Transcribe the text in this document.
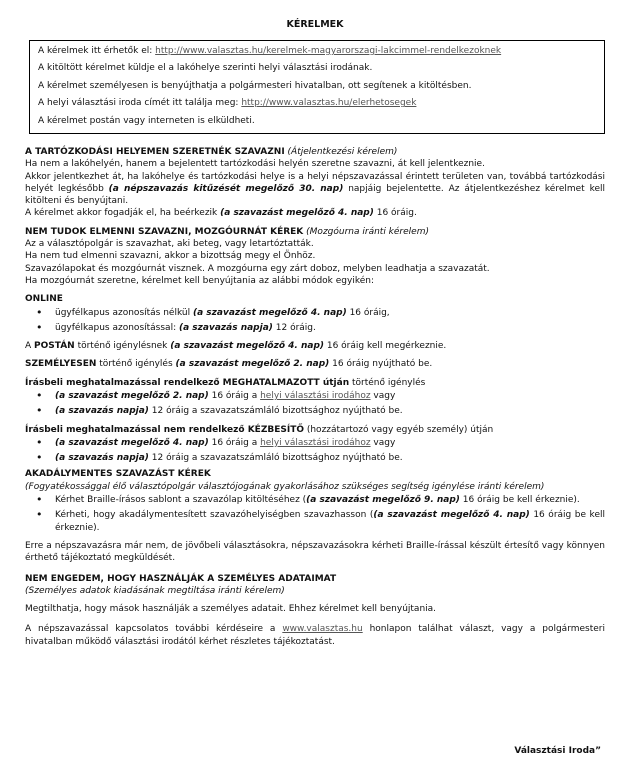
KÉRELMEK
A kérelmek itt érhetők el: http://www.valasztas.hu/kerelmek-magyarorszagi-lakcimmel-rendelkezoknek
A kitöltött kérelmet küldje el a lakóhelye szerinti helyi választási irodának.
A kérelmet személyesen is benyújthatja a polgármesteri hivatalban, ott segítenek a kitöltésben.
A helyi választási iroda címét itt találja meg: http://www.valasztas.hu/elerhetosegek
A kérelmet postán vagy interneten is elküldheti.
A TARTÓZKODÁSI HELYEMEN SZERETNÉK SZAVAZNI (Átjelentkezési kérelem)

Ha nem a lakóhelyén, hanem a bejelentett tartózkodási helyén szeretne szavazni, át kell jelentkeznie.

Akkor jelentkezhet át, ha lakóhelye és tartózkodási helye is a helyi népszavazással érintett területen van, továbbá tartózkodási helyét legkésőbb (a népszavazás kitűzését megelőző 30. nap) napjáig bejelentette. Az átjelentkezéshez kérelmet kell kitölteni és benyújtani.

A kérelmet akkor fogadják el, ha beérkezik (a szavazást megelőző 4. nap) 16 óráig.

NEM TUDOK ELMENNI SZAVAZNI, MOZGÓURNÁT KÉREK (Mozgóurna iránti kérelem)

Az a választópolgár is szavazhat, aki beteg, vagy letartóztatták.

Ha nem tud elmenni szavazni, akkor a bizottság megy el Önhöz.

Szavazólapokat és mozgóurnát visznek. A mozgóurna egy zárt doboz, melyben leadhatja a szavazatát.

Ha mozgóurnát szeretne, kérelmet kell benyújtania az alábbi módok egyikén:

ONLINE

• ügyfélkapus azonosítás nélkül (a szavazást megelőző 4. nap) 16 óráig,
• ügyfélkapus azonosítással: (a szavazás napja) 12 óráig.

A POSTÁN történő igénylésnek (a szavazást megelőző 4. nap) 16 óráig kell megérkeznie.

SZEMÉLYESEN történő igénylés (a szavazást megelőző 2. nap) 16 óráig nyújtható be.

Írásbeli meghatalmazással rendelkező MEGHATALMAZOTT útján történő igénylés

• (a szavazást megelőző 2. nap) 16 óráig a helyi választási irodához vagy
• (a szavazás napja) 12 óráig a szavazatszámláló bizottsághoz nyújtható be.

Írásbeli meghatalmazással nem rendelkező KÉZBESÍTŐ (hozzátartozó vagy egyéb személy) útján

• (a szavazást megelőző 4. nap) 16 óráig a helyi választási irodához vagy
• (a szavazás napja) 12 óráig a szavazatszámláló bizottsághoz nyújtható be.

AKADÁLYMENTES SZAVAZÁST KÉREK

(Fogyatékossággal élő választópolgár választójogának gyakorlásához szükséges segítség igénylése iránti kérelem)

• Kérhet Braille-írásos sablont a szavazólap kitöltéséhez ((a szavazást megelőző 9. nap) 16 óráig be kell érkeznie).
• Kérheti, hogy akadálymentesített szavazóhelyiségben szavazhasson ((a szavazást megelőző 4. nap) 16 óráig be kell érkeznie).

Erre a népszavazásra már nem, de jövőbeli választásokra, népszavazásokra kérheti Braille-írással készült értesítő vagy könnyen érthető tájékoztató megküldését.

NEM ENGEDEM, HOGY HASZNÁLJÁK A SZEMÉLYES ADATAIMAT

(Személyes adatok kiadásának megtiltása iránti kérelem)

Megtilthatja, hogy mások használják a személyes adatait. Ehhez kérelmet kell benyújtania.

A népszavazással kapcsolatos további kérdéseire a www.valasztas.hu honlapon találhat választ, vagy a polgármesteri hivatalban működő választási irodától kérhet részletes tájékoztatást.

Választási Iroda”
